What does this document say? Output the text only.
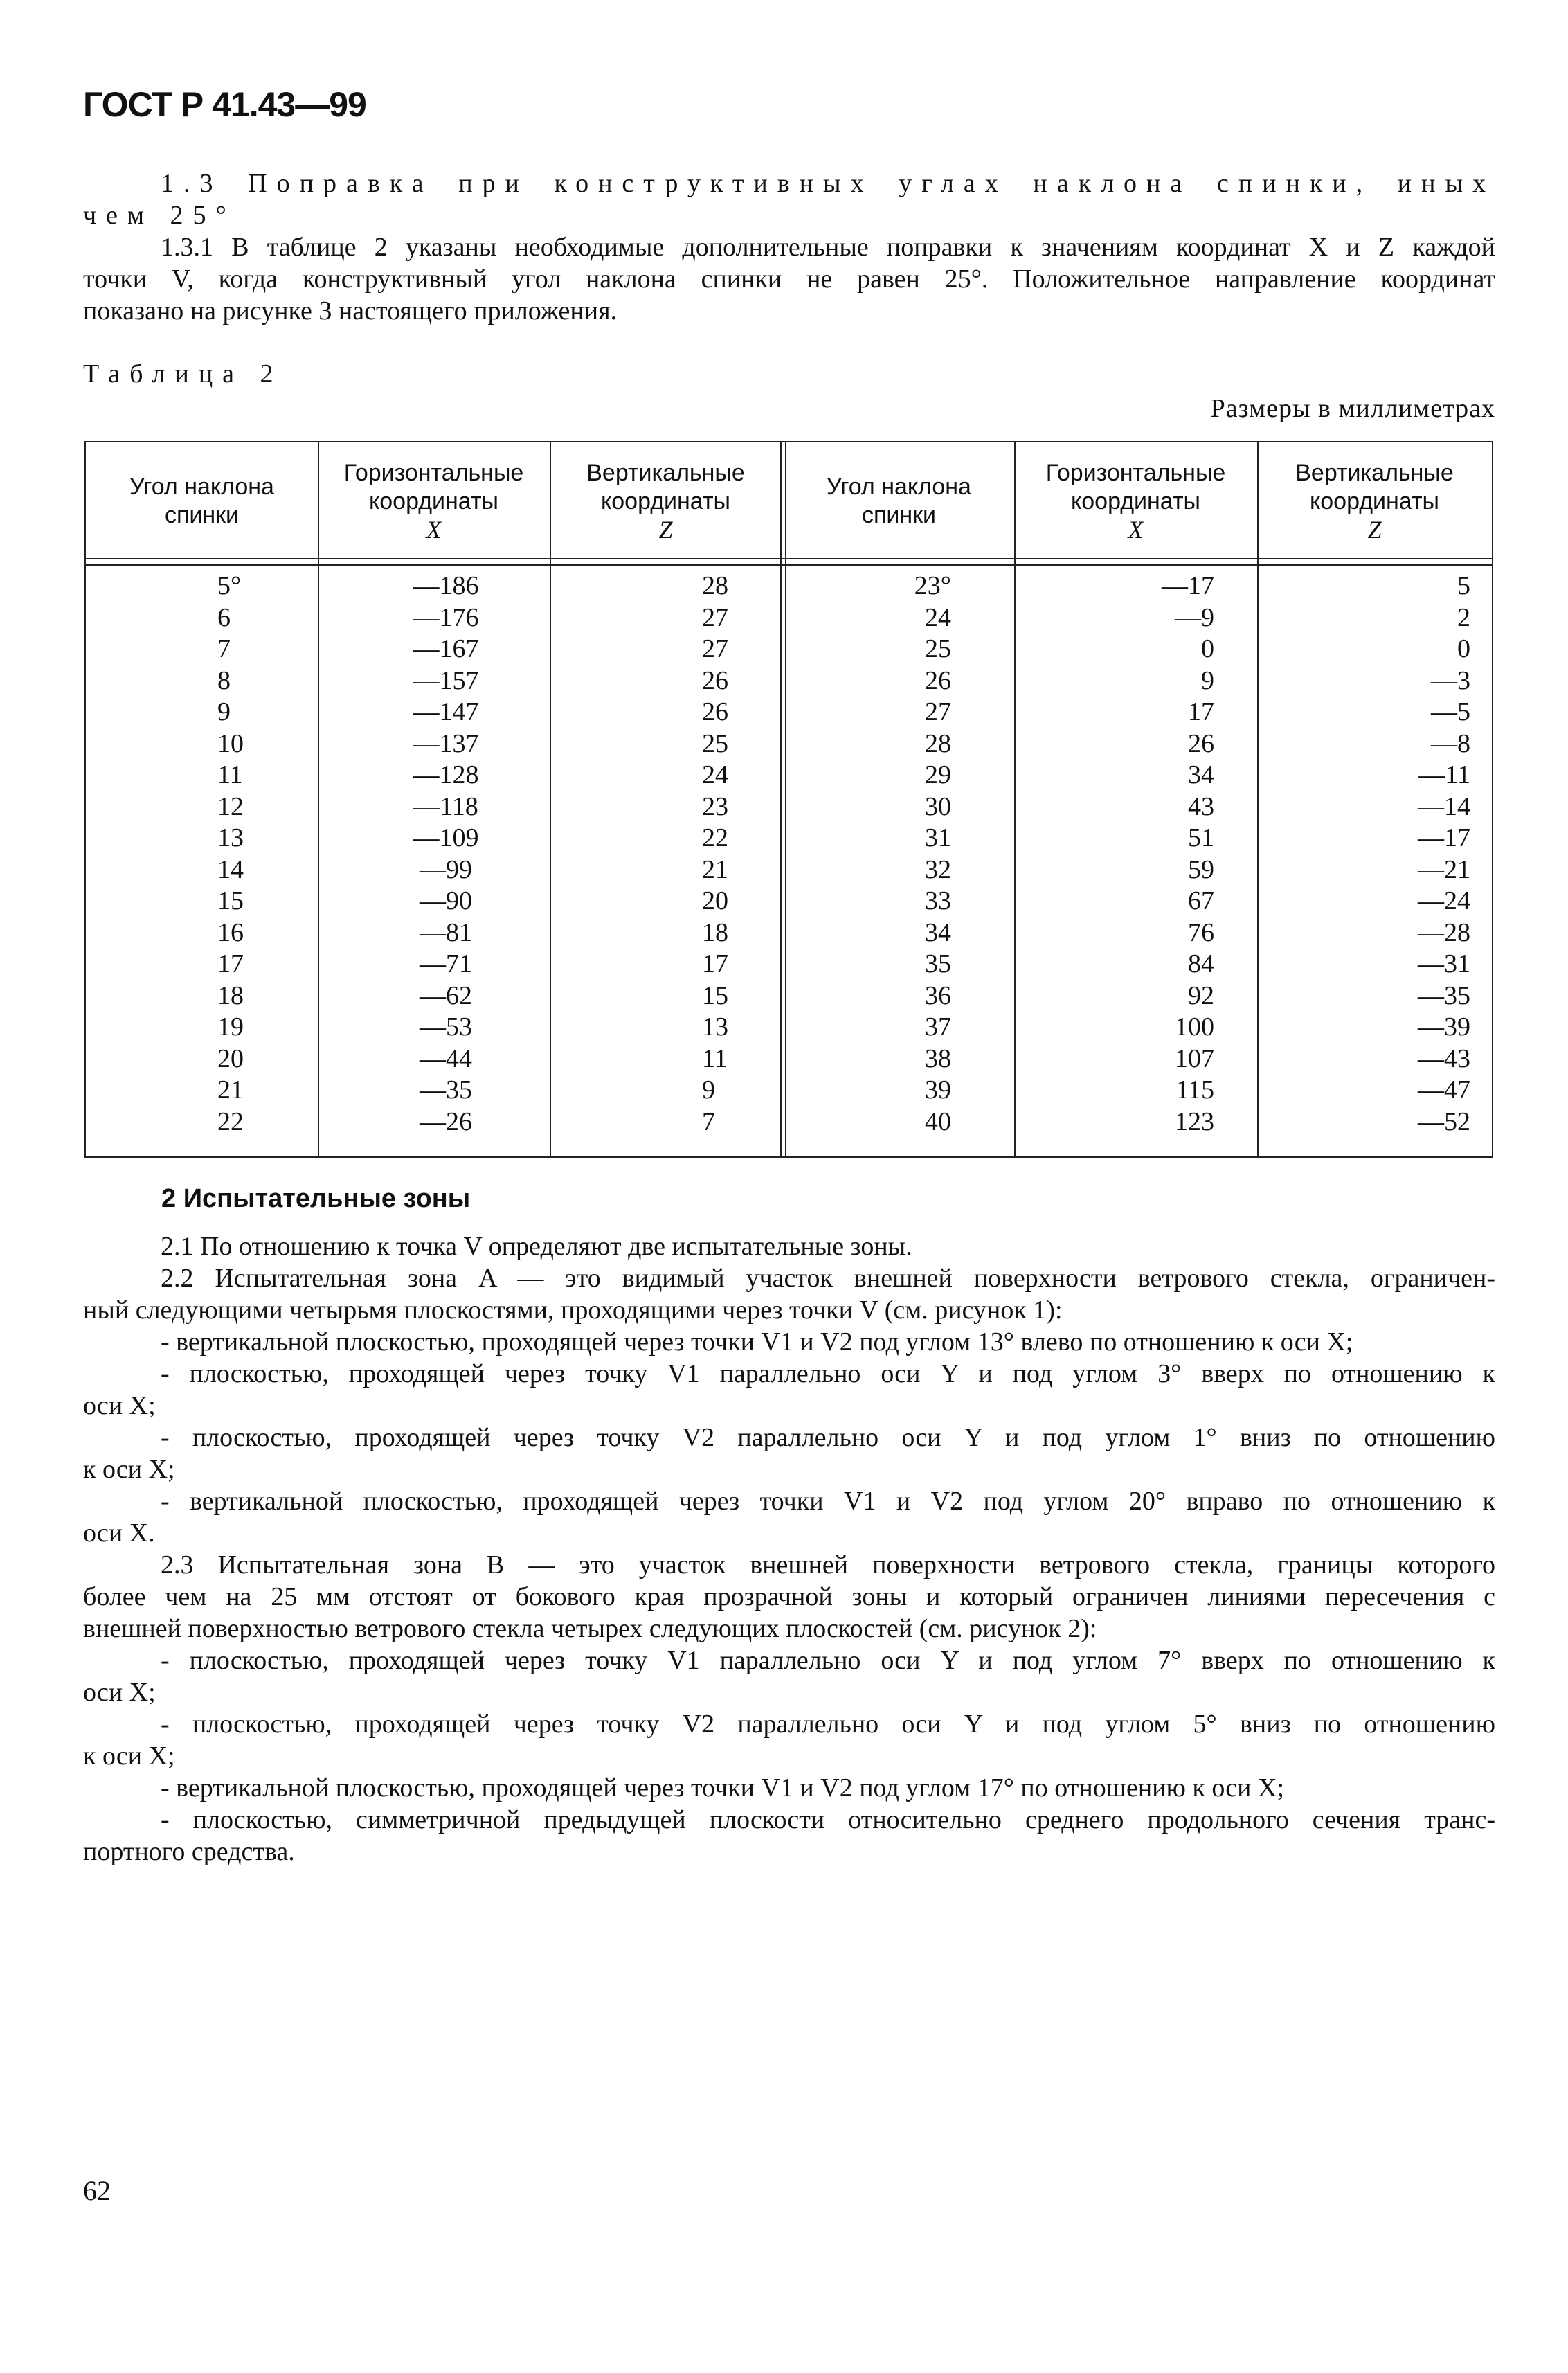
ГОСТ Р 41.43—99
1.3 Поправка при конструктивных углах наклона спинки, иных
чем 25°
1.3.1 В таблице 2 указаны необходимые дополнительные поправки к значениям координат X и Z каждой
точки V, когда конструктивный угол наклона спинки не равен 25°. Положительное направление координат
показано на рисунке 3 настоящего приложения.
Таблица 2
Размеры в миллиметрах
Угол наклона
спинки
Горизонтальные
координаты
X
Вертикальные
координаты
Z
Угол наклона
спинки
Горизонтальные
координаты
X
Вертикальные
координаты
Z
5°
6
7
8
9
10
11
12
13
14
15
16
17
18
19
20
21
22
—186
—176
—167
—157
—147
—137
—128
—118
—109
—99
—90
—81
—71
—62
—53
—44
—35
—26
28
27
27
26
26
25
24
23
22
21
20
18
17
15
13
11
9
7
23°
24
25
26
27
28
29
30
31
32
33
34
35
36
37
38
39
40
—17
—9
0
9
17
26
34
43
51
59
67
76
84
92
100
107
115
123
5
2
0
—3
—5
—8
—11
—14
—17
—21
—24
—28
—31
—35
—39
—43
—47
—52
2 Испытательные зоны
2.1 По отношению к точка V определяют две испытательные зоны.
2.2 Испытательная зона A — это видимый участок внешней поверхности ветрового стекла, ограничен-
ный следующими четырьмя плоскостями, проходящими через точки V (см. рисунок 1):
- вертикальной плоскостью, проходящей через точки V1 и V2 под углом 13° влево по отношению к оси X;
- плоскостью, проходящей через точку V1 параллельно оси Y и под углом 3° вверх по отношению к
оси X;
- плоскостью, проходящей через точку V2 параллельно оси Y и под углом 1° вниз по отношению
к оси X;
- вертикальной плоскостью, проходящей через точки V1 и V2 под углом 20° вправо по отношению к
оси X.
2.3 Испытательная зона B — это участок внешней поверхности ветрового стекла, границы которого
более чем на 25 мм отстоят от бокового края прозрачной зоны и который ограничен линиями пересечения с
внешней поверхностью ветрового стекла четырех следующих плоскостей (см. рисунок 2):
- плоскостью, проходящей через точку V1 параллельно оси Y и под углом 7° вверх по отношению к
оси X;
- плоскостью, проходящей через точку V2 параллельно оси Y и под углом 5° вниз по отношению
к оси X;
- вертикальной плоскостью, проходящей через точки V1 и V2 под углом 17° по отношению к оси X;
- плоскостью, симметричной предыдущей плоскости относительно среднего продольного сечения транс-
портного средства.
62
